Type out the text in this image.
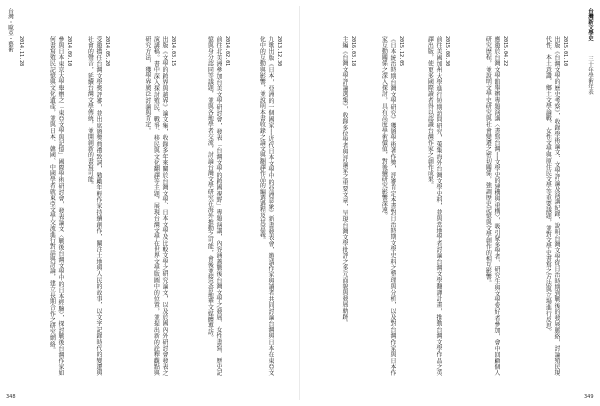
台灣・歐亞・藝術
348
2013.12.30
九歌出版《日本，亞洲的一個國家──近代日本文學中的亞洲意象》新書發表會，邀請作家與讀者共同討論台灣與日本在東亞文化中的互動與影響，並說明本書收錄之論文與翻譯作品的編選過程及其意義。
2014.02.01
前往北美洲參加台美文學研討會，發表「台灣文學的跨國視野」專題演講，內容涵蓋戰後台灣文學之發展、女性書寫、歷史記憶與身分認同等議題，並與各地學者交流，討論台灣文學研究在海外推動之可能，會後並接受當地華文媒體專訪。
2014.03.15
出版《文學的跨界與越界》論文集，收錄多年來關於台灣文學、日本文學及比較文學之研究論文，以及於國內外研討會發表之演講稿。書中深入探討殖民、戰爭、移民與文化翻譯等主題，展現台灣文學在世界文學版圖中的位置，並提出新的詮釋觀點與研究方法，獲學界廣泛討論與肯定。
2014.05.20
受邀擔任台灣文學獎評審，並出席頒獎典禮致詞，勉勵年輕作家持續創作，關注土地與人民的故事，以文字記錄時代的變遷與社會的聲音，延續台灣文學傳統，並開創新的書寫可能。
2014.09.10
參與日本東京大學舉辦之「東亞文學與記憶」國際學術研討會，發表論文〈戰後台灣文學中的日本經驗〉，探討戰後台灣作家如何書寫殖民記憶與文化遺產，並與日本、韓國、中國學者就東亞文學交流進行對話與討論，建立長期合作之研究網絡。
2014.11.28
台灣新文學史
三十年學術年表
349
2015.01.10
出版《台灣文學的歷史考察》，收錄學術論文、文學評論及演講紀錄，說明台灣文學從日治時期到戰後的發展脈絡，討論殖民現代性、本土意識、鄉土文學論戰、女性文學與原住民文學等重要議題，並對文學史書寫之方法與立場進行反思。
2015.04.22
應邀於台灣文學館舉辦專題演講〈書寫台灣──文學史的建構與重構〉，吸引眾多學者、研究生與文學愛好者參加，會中回顧個人研究歷程，並說明文學史研究與社會變遷之密切關係，強調歷史記憶與文學創作的相互影響。
2015.08.30
前往美國加州大學進行短期訪問研究，蒐集海外台灣文學史料，並與當地學者討論台灣文學翻譯計畫，推動台灣文學作品之英譯出版，使更多國際讀者得以認識台灣作家之創作成果。
2015.12.05
《日本統治時期台灣文學研究》獲頒學術著作獎，評審肯定本書對日治時期文學史料之整理與分析，以及對台灣作家與日本作家互動關係之深入探討，具有高度學術價值，對後續研究影響深遠。
2016.03.18
主編《台灣文學評論選集》，收錄多位學者與評論家之重要文章，呈現台灣文學批評之多元面貌與發展軌跡。
